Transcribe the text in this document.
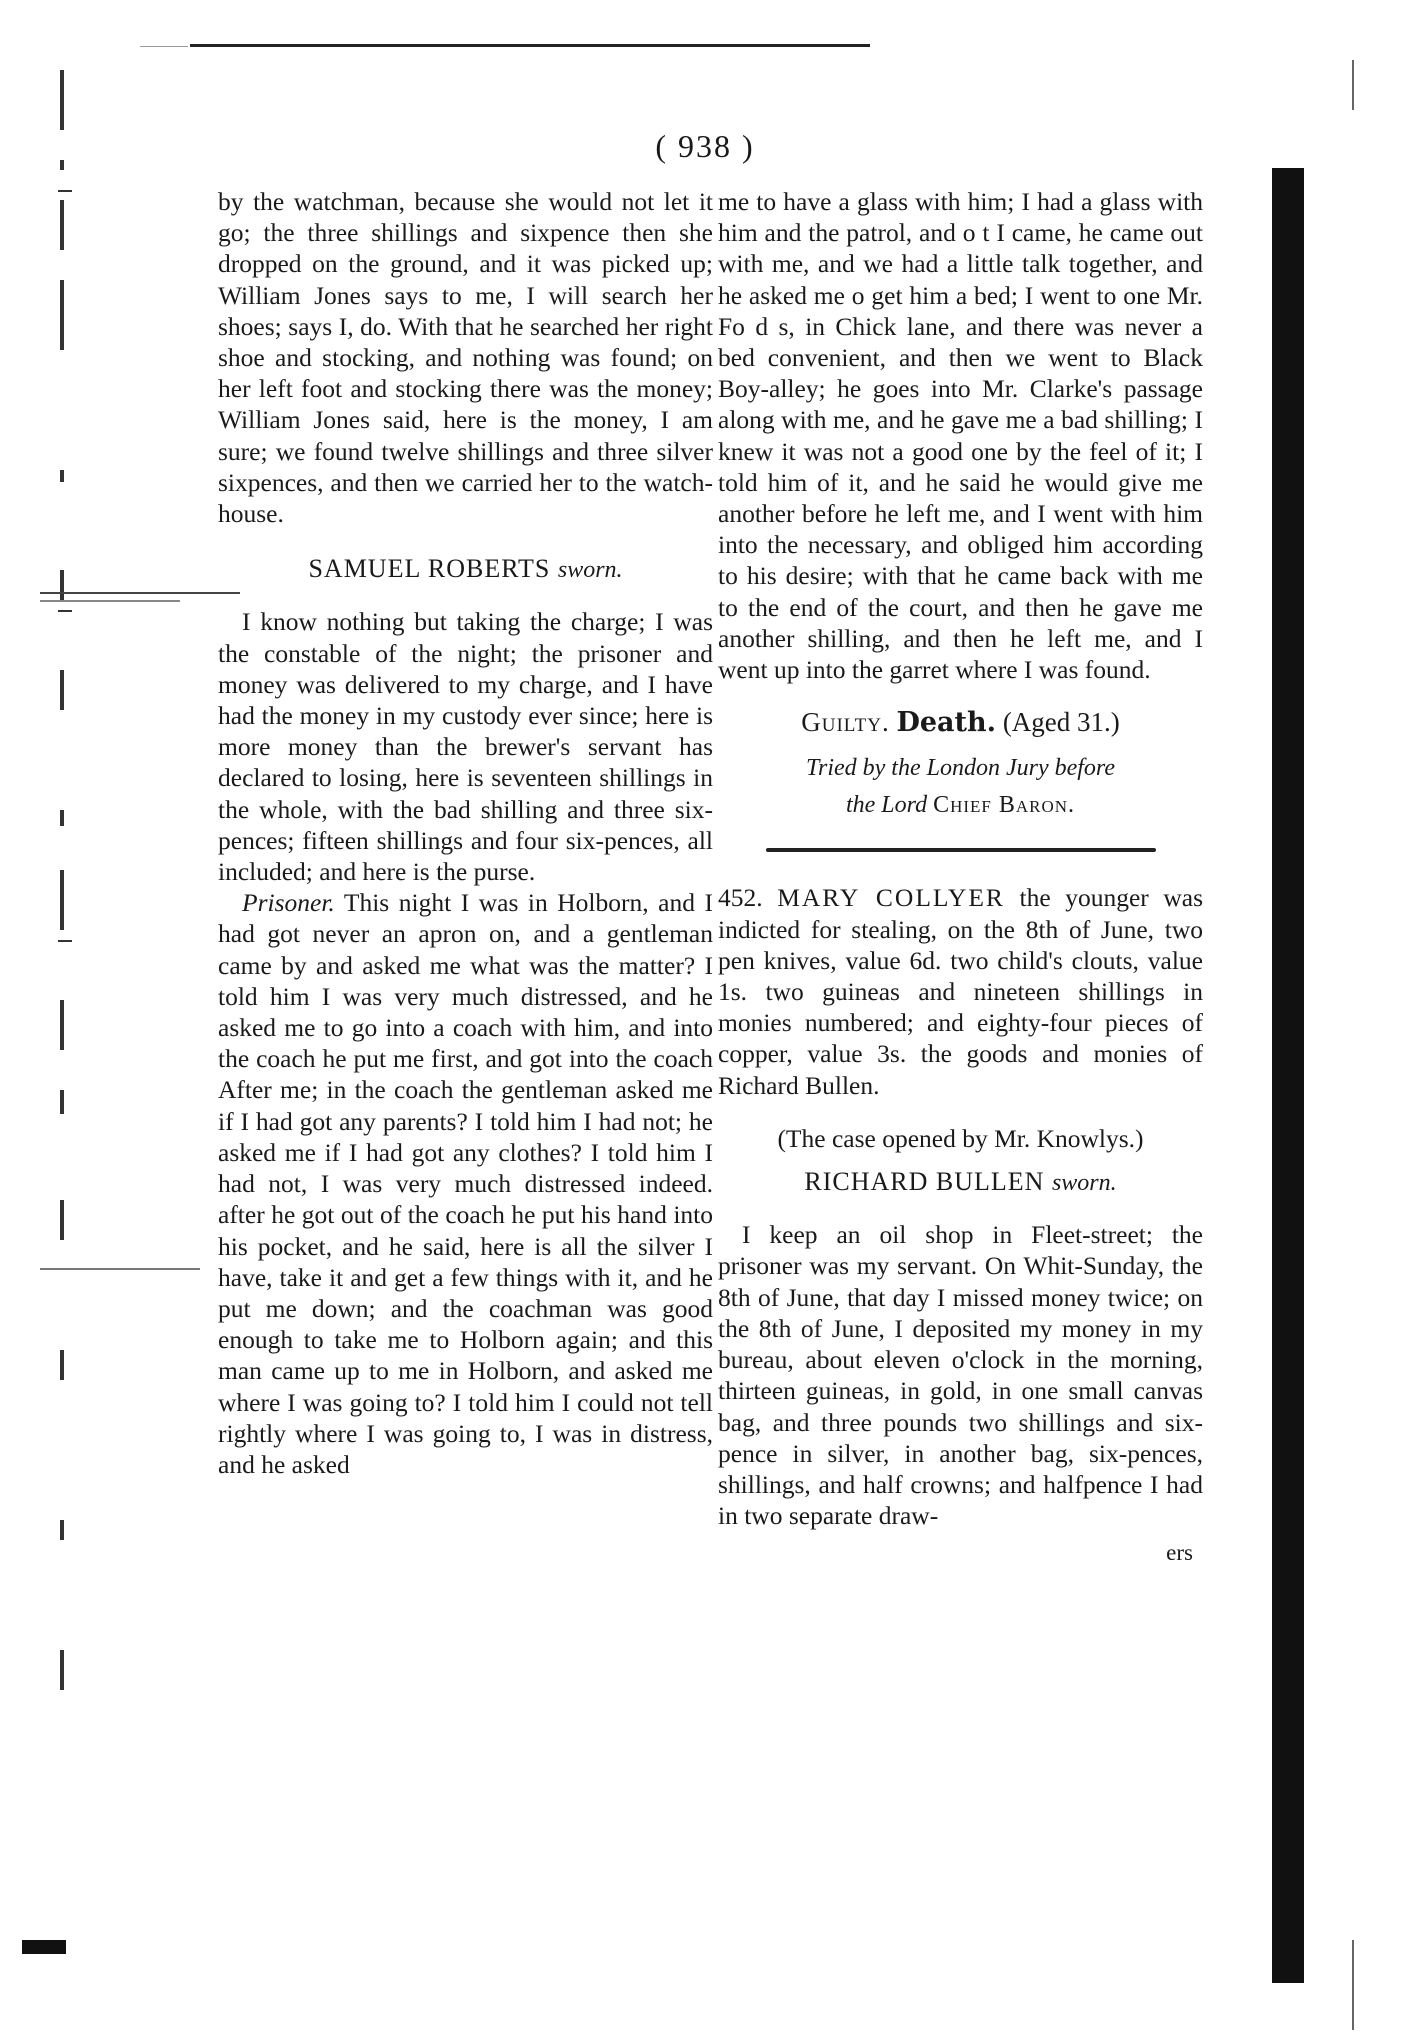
( 938 )

by the watchman, because she would not let it go; the three shillings and sixpence then she dropped on the ground, and it was picked up; William Jones says to me, I will search her shoes; says I, do. With that he searched her right shoe and stocking, and nothing was found; on her left foot and stocking there was the money; William Jones said, here is the money, I am sure; we found twelve shillings and three silver sixpences, and then we carried her to the watch-house.

SAMUEL ROBERTS sworn.

I know nothing but taking the charge; I was the constable of the night; the prisoner and money was delivered to my charge, and I have had the money in my custody ever since; here is more money than the brewer's servant has declared to losing, here is seventeen shillings in the whole, with the bad shilling and three six-pences; fifteen shillings and four six-pences, all included; and here is the purse.

Prisoner. This night I was in Holborn, and I had got never an apron on, and a gentleman came by and asked me what was the matter? I told him I was very much distressed, and he asked me to go into a coach with him, and into the coach he put me first, and got into the coach After me; in the coach the gentleman asked me if I had got any parents? I told him I had not; he asked me if I had got any clothes? I told him I had not, I was very much distressed indeed. after he got out of the coach he put his hand into his pocket, and he said, here is all the silver I have, take it and get a few things with it, and he put me down; and the coachman was good enough to take me to Holborn again; and this man came up to me in Holborn, and asked me where I was going to? I told him I could not tell rightly where I was going to, I was in distress, and he asked

me to have a glass with him; I had a glass with him and the patrol, and o t I came, he came out with me, and we had a little talk together, and he asked me o get him a bed; I went to one Mr. Fo d s, in Chick lane, and there was never a bed convenient, and then we went to Black Boy-alley; he goes into Mr. Clarke's passage along with me, and he gave me a bad shilling; I knew it was not a good one by the feel of it; I told him of it, and he said he would give me another before he left me, and I went with him into the necessary, and obliged him according to his desire; with that he came back with me to the end of the court, and then he gave me another shilling, and then he left me, and I went up into the garret where I was found.

Guilty. Death. (Aged 31.)
Tried by the London Jury before
the Lord Chief Baron.

452. MARY COLLYER the younger was indicted for stealing, on the 8th of June, two pen knives, value 6d. two child's clouts, value 1s. two guineas and nineteen shillings in monies numbered; and eighty-four pieces of copper, value 3s. the goods and monies of Richard Bullen.

(The case opened by Mr. Knowlys.)
RICHARD BULLEN sworn.

I keep an oil shop in Fleet-street; the prisoner was my servant. On Whit-Sunday, the 8th of June, that day I missed money twice; on the 8th of June, I deposited my money in my bureau, about eleven o'clock in the morning, thirteen guineas, in gold, in one small canvas bag, and three pounds two shillings and six-pence in silver, in another bag, six-pences, shillings, and half crowns; and halfpence I had in two separate draw-

ers
